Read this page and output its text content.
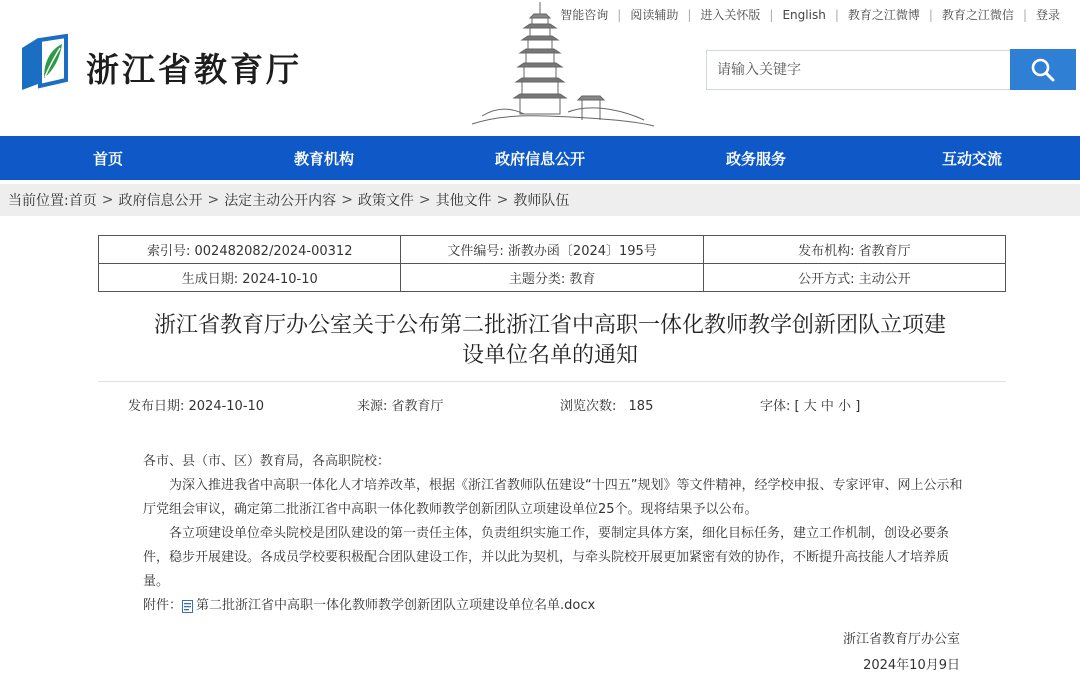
浙江省教育厅
智能咨询 | 阅读辅助 | 进入关怀版 | English | 教育之江微博 | 教育之江微信 | 登录
请输入关键字
首页	教育机构	政府信息公开	政务服务	互动交流
当前位置: 首页 > 政府信息公开 > 法定主动公开内容 > 政策文件 > 其他文件 > 教师队伍
索引号: 002482082/2024-00312	文件编号: 浙教办函〔2024〕195号	发布机构: 省教育厅
生成日期: 2024-10-10	主题分类: 教育	公开方式: 主动公开
浙江省教育厅办公室关于公布第二批浙江省中高职一体化教师教学创新团队立项建
设单位名单的通知
发布日期: 2024-10-10	来源: 省教育厅	浏览次数: 185	字体: [ 大 中 小 ]

各市、县（市、区）教育局，各高职院校：

为深入推进我省中高职一体化人才培养改革，根据《浙江省教师队伍建设“十四五”规划》等文件精神，经学校申报、专家评审、网上公示和厅党组会审议，确定第二批浙江省中高职一体化教师教学创新团队立项建设单位25个。现将结果予以公布。

各立项建设单位牵头院校是团队建设的第一责任主体，负责组织实施工作，要制定具体方案，细化目标任务，建立工作机制，创设必要条件，稳步开展建设。各成员学校要积极配合团队建设工作，并以此为契机，与牵头院校开展更加紧密有效的协作，不断提升高技能人才培养质量。

附件： 第二批浙江省中高职一体化教师教学创新团队立项建设单位名单.docx

浙江省教育厅办公室
2024年10月9日
